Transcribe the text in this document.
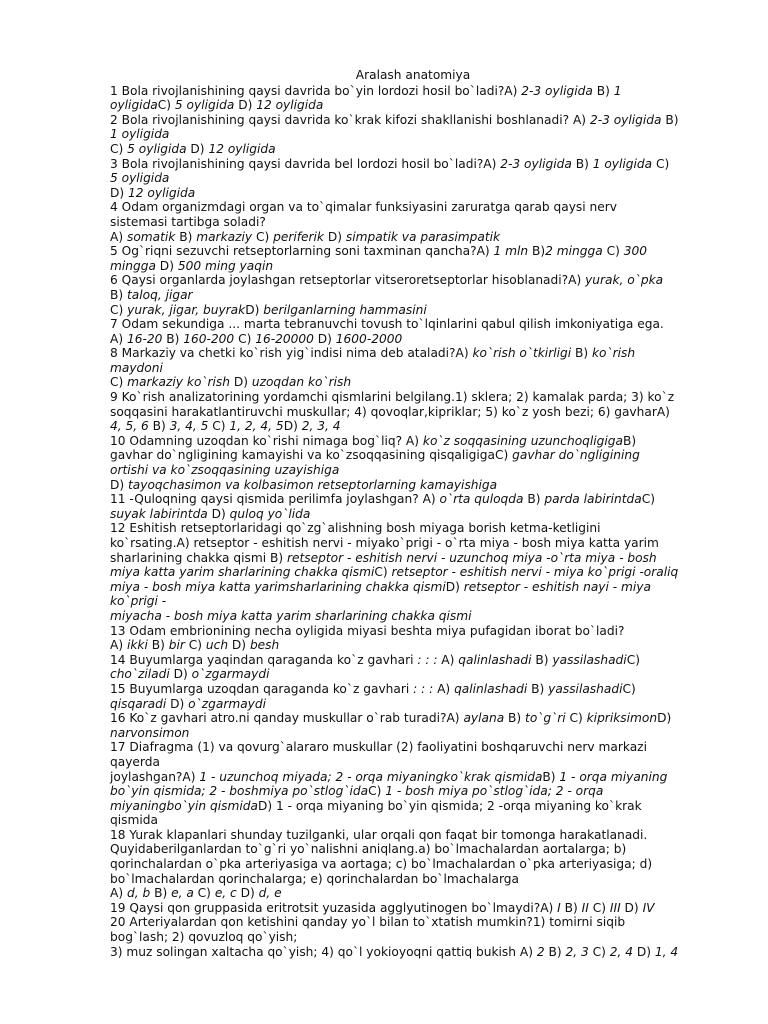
Aralash anatomiya
1 Bola rivojlanishining qaysi davrida bo`yin lordozi hosil bo`ladi?A) 2-3 oyligida B) 1
oyligidaC) 5 oyligida D) 12 oyligida
2 Bola rivojlanishining qaysi davrida ko`krak kifozi shakllanishi boshlanadi? A) 2-3 oyligida B)
1 oyligida
C) 5 oyligida D) 12 oyligida
3 Bola rivojlanishining qaysi davrida bel lordozi hosil bo`ladi?A) 2-3 oyligida B) 1 oyligida C)
5 oyligida
D) 12 oyligida
4 Odam organizmdagi organ va to`qimalar funksiyasini zaruratga qarab qaysi nerv
sistemasi tartibga soladi?
A) somatik B) markaziy C) periferik D) simpatik va parasimpatik
5 Og`riqni sezuvchi retseptorlarning soni taxminan qancha?A) 1 mln B)2 mingga C) 300
mingga D) 500 ming yaqin
6 Qaysi organlarda joylashgan retseptorlar vitseroretseptorlar hisoblanadi?A) yurak, o`pka
B) taloq, jigar
C) yurak, jigar, buyrakD) berilganlarning hammasini
7 Odam sekundiga ... marta tebranuvchi tovush to`lqinlarini qabul qilish imkoniyatiga ega.
A) 16-20 B) 160-200 C) 16-20000 D) 1600-2000
8 Markaziy va chetki ko`rish yig`indisi nima deb ataladi?A) ko`rish o`tkirligi B) ko`rish
maydoni
C) markaziy ko`rish D) uzoqdan ko`rish
9 Ko`rish analizatorining yordamchi qismlarini belgilang.1) sklera; 2) kamalak parda; 3) ko`z
soqqasini harakatlantiruvchi muskullar; 4) qovoqlar,kipriklar; 5) ko`z yosh bezi; 6) gavharA)
4, 5, 6 B) 3, 4, 5 C) 1, 2, 4, 5D) 2, 3, 4
10 Odamning uzoqdan ko`rishi nimaga bog`liq? A) ko`z soqqasining uzunchoqligigaB)
gavhar do`ngligining kamayishi va ko`zsoqqasining qisqaligigaC) gavhar do`ngligining
ortishi va ko`zsoqqasining uzayishiga
D) tayoqchasimon va kolbasimon retseptorlarning kamayishiga
11 -Quloqning qaysi qismida perilimfa joylashgan? A) o`rta quloqda B) parda labirintdaC)
suyak labirintda D) quloq yo`lida
12 Eshitish retseptorlaridagi qo`zg`alishning bosh miyaga borish ketma-ketligini
ko`rsating.A) retseptor - eshitish nervi - miyako`prigi - o`rta miya - bosh miya katta yarim
sharlarining chakka qismi B) retseptor - eshitish nervi - uzunchoq miya -o`rta miya - bosh
miya katta yarim sharlarining chakka qismiC) retseptor - eshitish nervi - miya ko`prigi -oraliq
miya - bosh miya katta yarimsharlarining chakka qismiD) retseptor - eshitish nayi - miya
ko`prigi -
miyacha - bosh miya katta yarim sharlarining chakka qismi
13 Odam embrionining necha oyligida miyasi beshta miya pufagidan iborat bo`ladi?
A) ikki B) bir C) uch D) besh
14 Buyumlarga yaqindan qaraganda ko`z gavhari : : : A) qalinlashadi B) yassilashadiC)
cho`ziladi D) o`zgarmaydi
15 Buyumlarga uzoqdan qaraganda ko`z gavhari : : : A) qalinlashadi B) yassilashadiC)
qisqaradi D) o`zgarmaydi
16 Ko`z gavhari atro.ni qanday muskullar o`rab turadi?A) aylana B) to`g`ri C) kipriksimonD)
narvonsimon
17 Diafragma (1) va qovurg`alararo muskullar (2) faoliyatini boshqaruvchi nerv markazi
qayerda
joylashgan?A) 1 - uzunchoq miyada; 2 - orqa miyaningko`krak qismidaB) 1 - orqa miyaning
bo`yin qismida; 2 - boshmiya po`stlog`idaC) 1 - bosh miya po`stlog`ida; 2 - orqa
miyaningbo`yin qismidaD) 1 - orqa miyaning bo`yin qismida; 2 -orqa miyaning ko`krak
qismida
18 Yurak klapanlari shunday tuzilganki, ular orqali qon faqat bir tomonga harakatlanadi.
Quyidaberilganlardan to`g`ri yo`nalishni aniqlang.a) bo`lmachalardan aortalarga; b)
qorinchalardan o`pka arteriyasiga va aortaga; c) bo`lmachalardan o`pka arteriyasiga; d)
bo`lmachalardan qorinchalarga; e) qorinchalardan bo`lmachalarga
A) d, b B) e, a C) e, c D) d, e
19 Qaysi qon gruppasida eritrotsit yuzasida agglyutinogen bo`lmaydi?A) I B) II C) III D) IV
20 Arteriyalardan qon ketishini qanday yo`l bilan to`xtatish mumkin?1) tomirni siqib
bog`lash; 2) qovuzloq qo`yish;
3) muz solingan xaltacha qo`yish; 4) qo`l yokioyoqni qattiq bukish A) 2 B) 2, 3 C) 2, 4 D) 1, 4
